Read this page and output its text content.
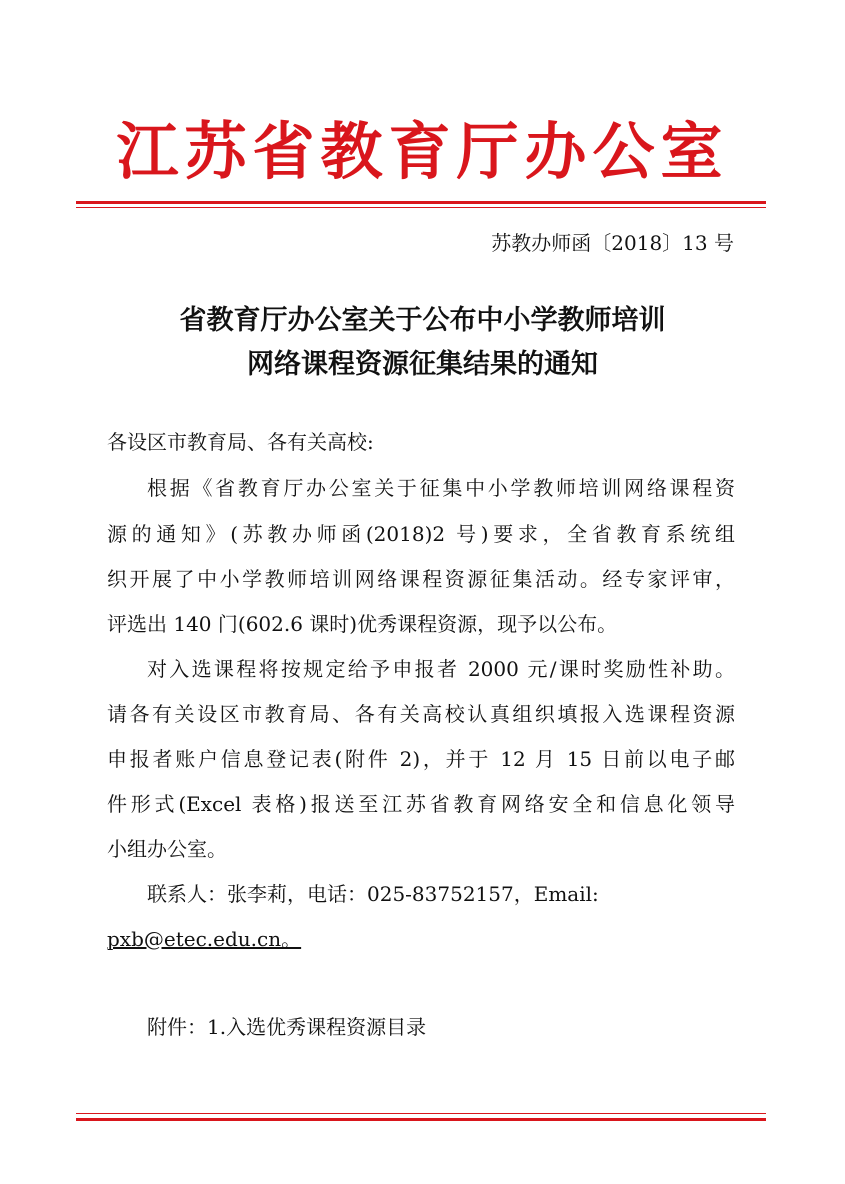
江苏省教育厅办公室
苏教办师函〔2018〕13 号
省教育厅办公室关于公布中小学教师培训
网络课程资源征集结果的通知
各设区市教育局、各有关高校:
根据《省教育厅办公室关于征集中小学教师培训网络课程资
源的通知》(苏教办师函(2018)2 号)要求，全省教育系统组
织开展了中小学教师培训网络课程资源征集活动。经专家评审，
评选出 140 门(602.6 课时)优秀课程资源，现予以公布。
对入选课程将按规定给予申报者 2000 元/课时奖励性补助。
请各有关设区市教育局、各有关高校认真组织填报入选课程资源
申报者账户信息登记表(附件 2)，并于 12 月 15 日前以电子邮
件形式(Excel 表格)报送至江苏省教育网络安全和信息化领导
小组办公室。
联系人：张李莉，电话：025-83752157，Email:
pxb@etec.edu.cn。
附件：1.入选优秀课程资源目录
